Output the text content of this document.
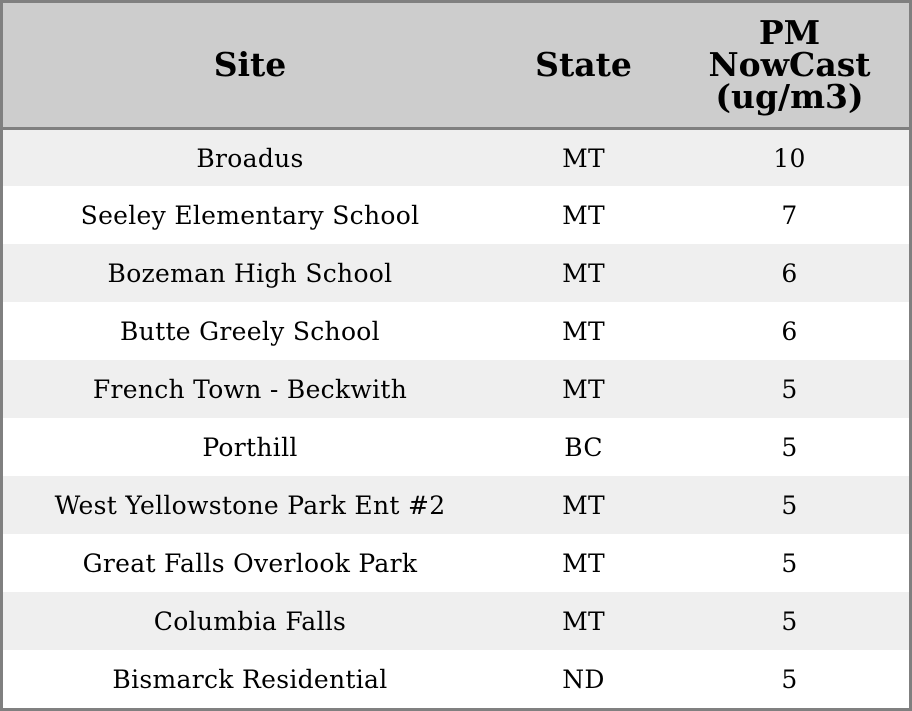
Site	State	PM
NowCast
(ug/m3)

Broadus	MT	10
Seeley Elementary School	MT	7
Bozeman High School	MT	6
Butte Greely School	MT	6
French Town - Beckwith	MT	5
Porthill	BC	5
West Yellowstone Park Ent #2	MT	5
Great Falls Overlook Park	MT	5
Columbia Falls	MT	5
Bismarck Residential	ND	5
